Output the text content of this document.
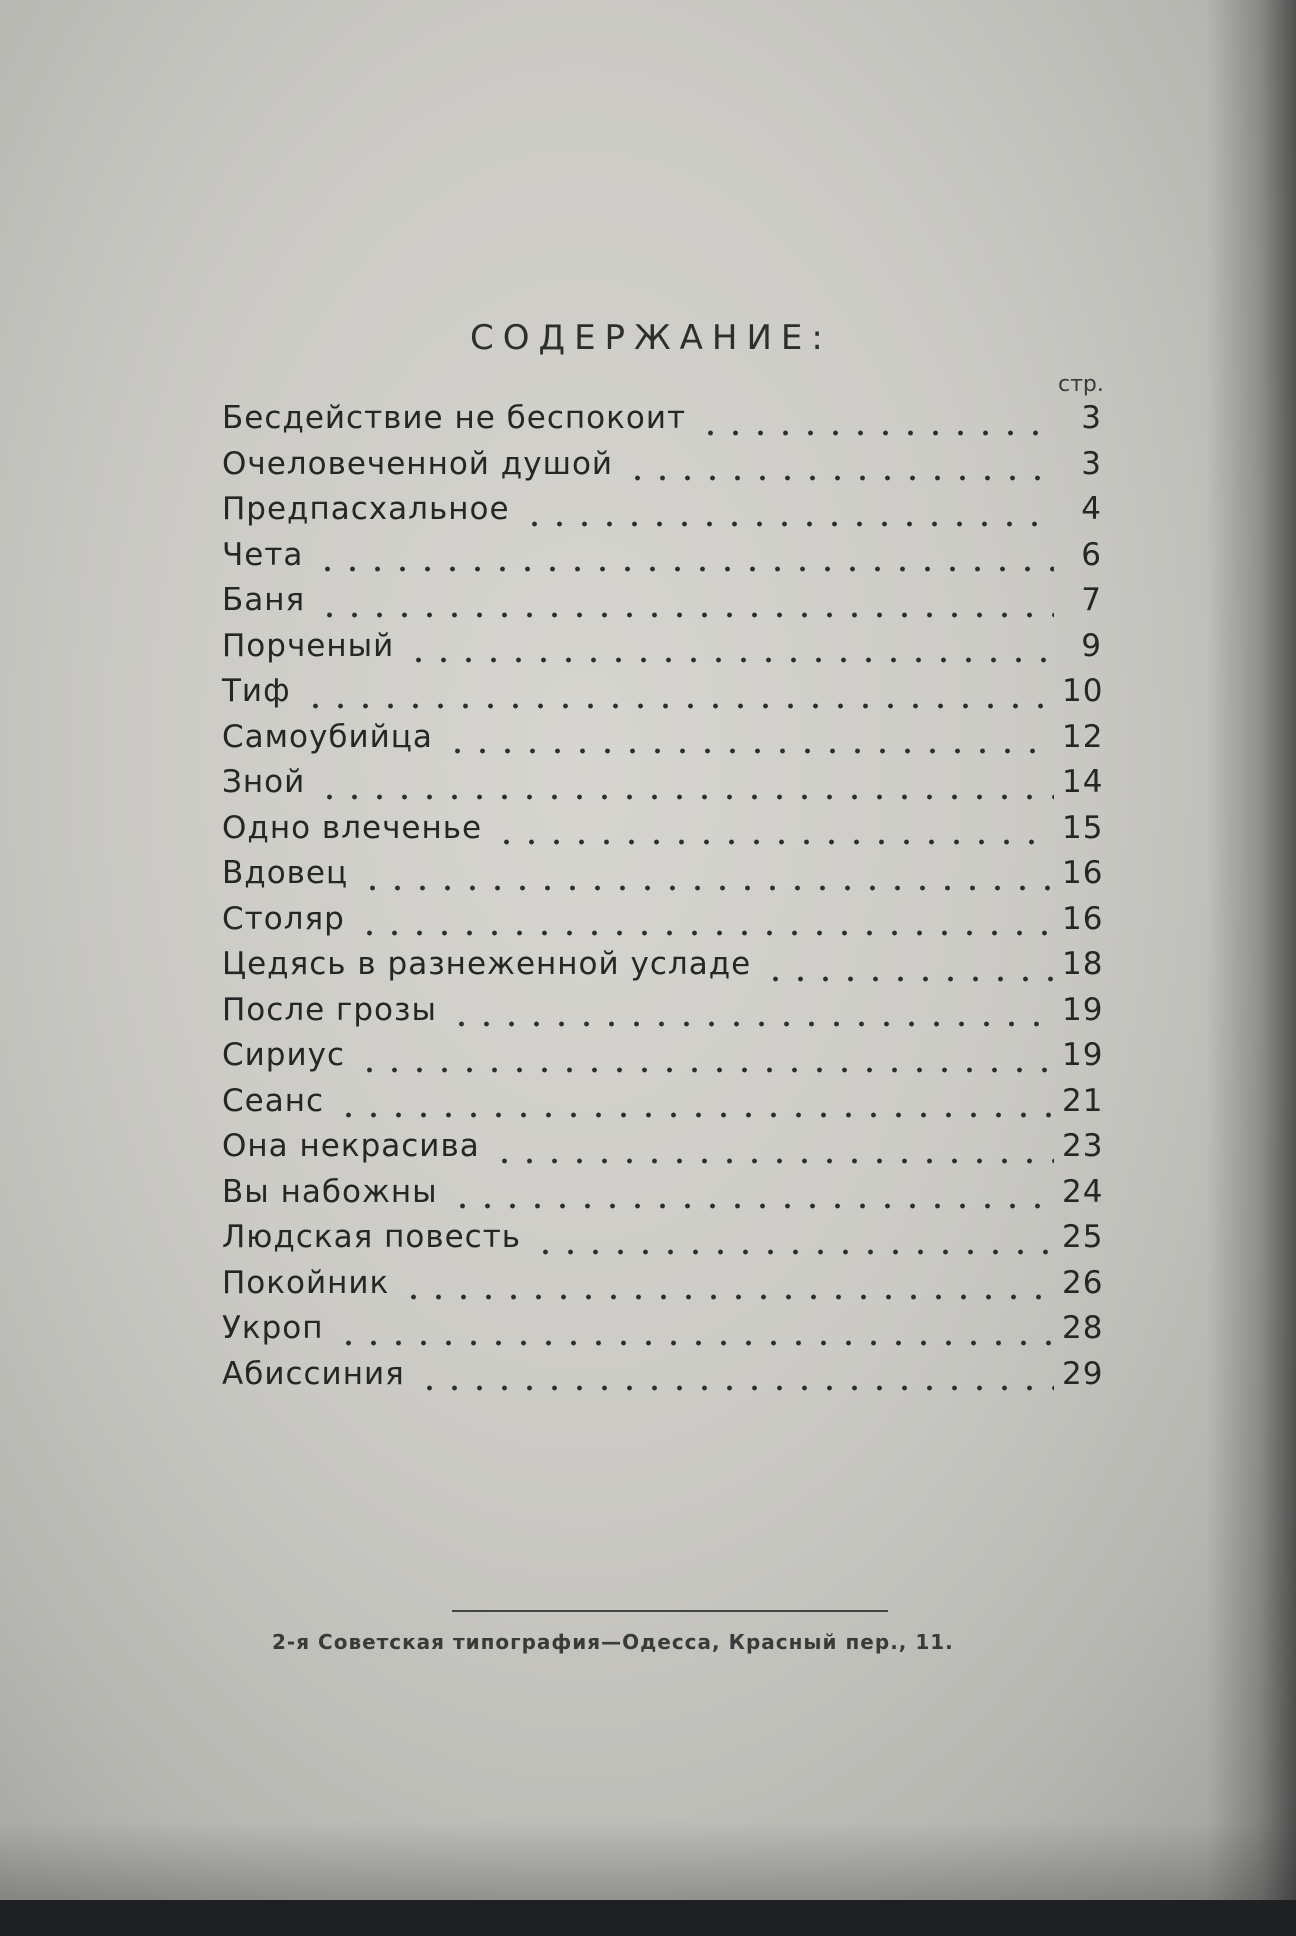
СОДЕРЖАНИЕ:
стр.
Бесдействие не беспокоит	3
Очеловеченной душой	3
Предпасхальное	4
Чета	6
Баня	7
Порченый	9
Тиф	10
Самоубийца	12
Зной	14
Одно влеченье	15
Вдовец	16
Столяр	16
Цедясь в разнеженной усладе	18
После грозы	19
Сириус	19
Сеанс	21
Она некрасива	23
Вы набожны	24
Людская повесть	25
Покойник	26
Укроп	28
Абиссиния	29
2-я Советская типография—Одесса, Красный пер., 11.
